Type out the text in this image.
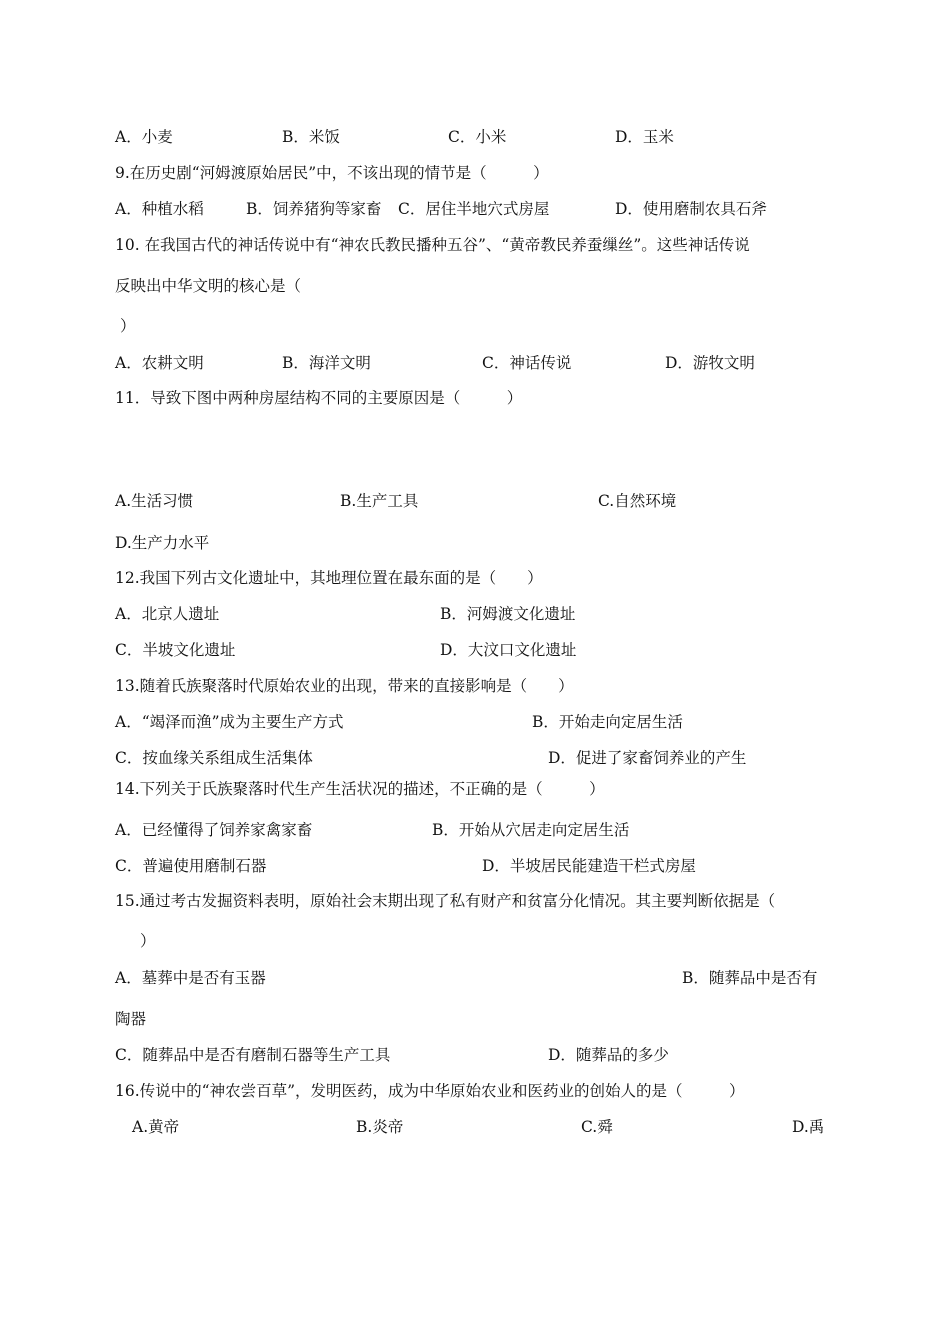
A．小麦	B．米饭	C．小米	D．玉米
9.在历史剧“河姆渡原始居民”中，不该出现的情节是（　　　）
A．种植水稻	B．饲养猪狗等家畜 C．居住半地穴式房屋	D．使用磨制农具石斧
10. 在我国古代的神话传说中有“神农氏教民播种五谷”、“黄帝教民养蚕缫丝”。这些神话传说
反映出中华文明的核心是（
）
A．农耕文明	B．海洋文明	C．神话传说	D．游牧文明
11．导致下图中两种房屋结构不同的主要原因是（　　　）
A.生活习惯	B.生产工具	C.自然环境
D.生产力水平
12.我国下列古文化遗址中，其地理位置在最东面的是（　　）
A．北京人遗址	B．河姆渡文化遗址
C．半坡文化遗址	D．大汶口文化遗址
13.随着氏族聚落时代原始农业的出现，带来的直接影响是（　　）
A．“竭泽而渔”成为主要生产方式	B．开始走向定居生活
C．按血缘关系组成生活集体	D．促进了家畜饲养业的产生
14.下列关于氏族聚落时代生产生活状况的描述，不正确的是（　　　）
A．已经懂得了饲养家禽家畜	B．开始从穴居走向定居生活
C．普遍使用磨制石器	D．半坡居民能建造干栏式房屋
15.通过考古发掘资料表明，原始社会末期出现了私有财产和贫富分化情况。其主要判断依据是（
）
A．墓葬中是否有玉器	B．随葬品中是否有
陶器
C．随葬品中是否有磨制石器等生产工具	D．随葬品的多少
16.传说中的“神农尝百草”，发明医药，成为中华原始农业和医药业的创始人的是（　　　）
A.黄帝	B.炎帝	C.舜	D.禹
